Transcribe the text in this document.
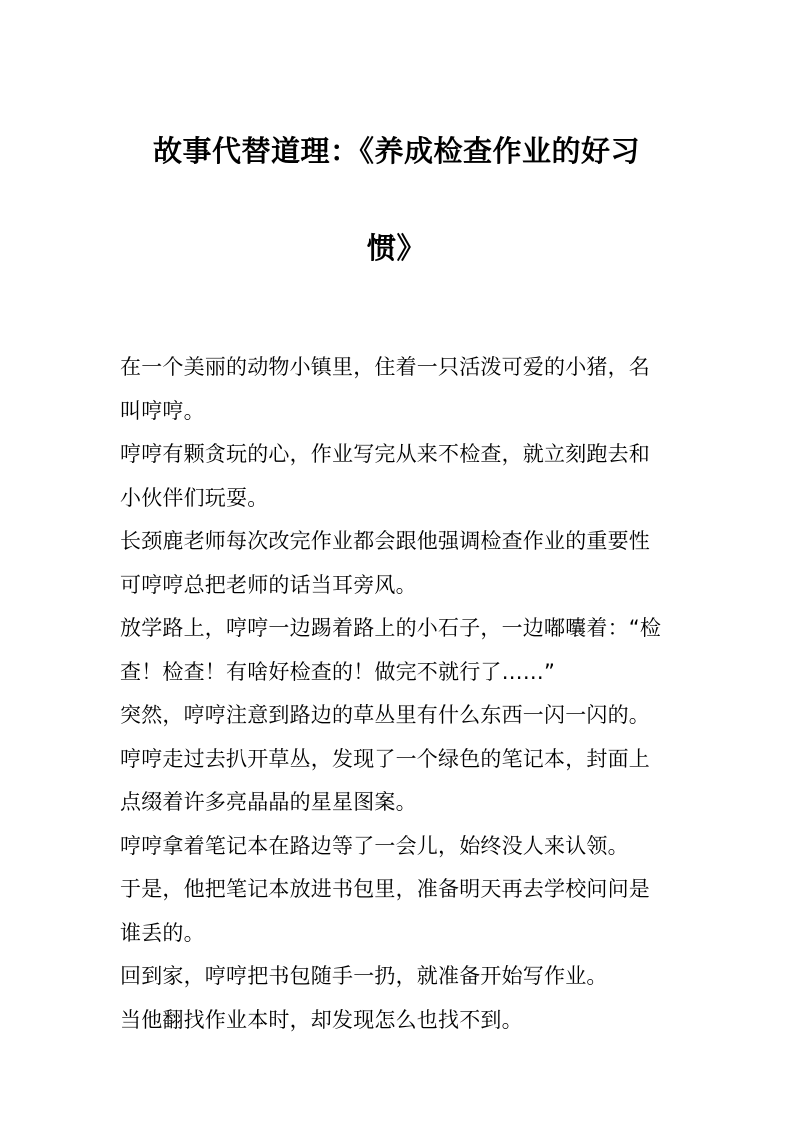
故事代替道理：《养成检查作业的好习
惯》

在一个美丽的动物小镇里，住着一只活泼可爱的小猪，名

叫哼哼。

哼哼有颗贪玩的心，作业写完从来不检查，就立刻跑去和

小伙伴们玩耍。

长颈鹿老师每次改完作业都会跟他强调检查作业的重要性

可哼哼总把老师的话当耳旁风。

放学路上，哼哼一边踢着路上的小石子，一边嘟囔着：“检

查！检查！有啥好检查的！做完不就行了……”

突然，哼哼注意到路边的草丛里有什么东西一闪一闪的。

哼哼走过去扒开草丛，发现了一个绿色的笔记本，封面上

点缀着许多亮晶晶的星星图案。

哼哼拿着笔记本在路边等了一会儿，始终没人来认领。

于是，他把笔记本放进书包里，准备明天再去学校问问是

谁丢的。

回到家，哼哼把书包随手一扔，就准备开始写作业。

当他翻找作业本时，却发现怎么也找不到。
